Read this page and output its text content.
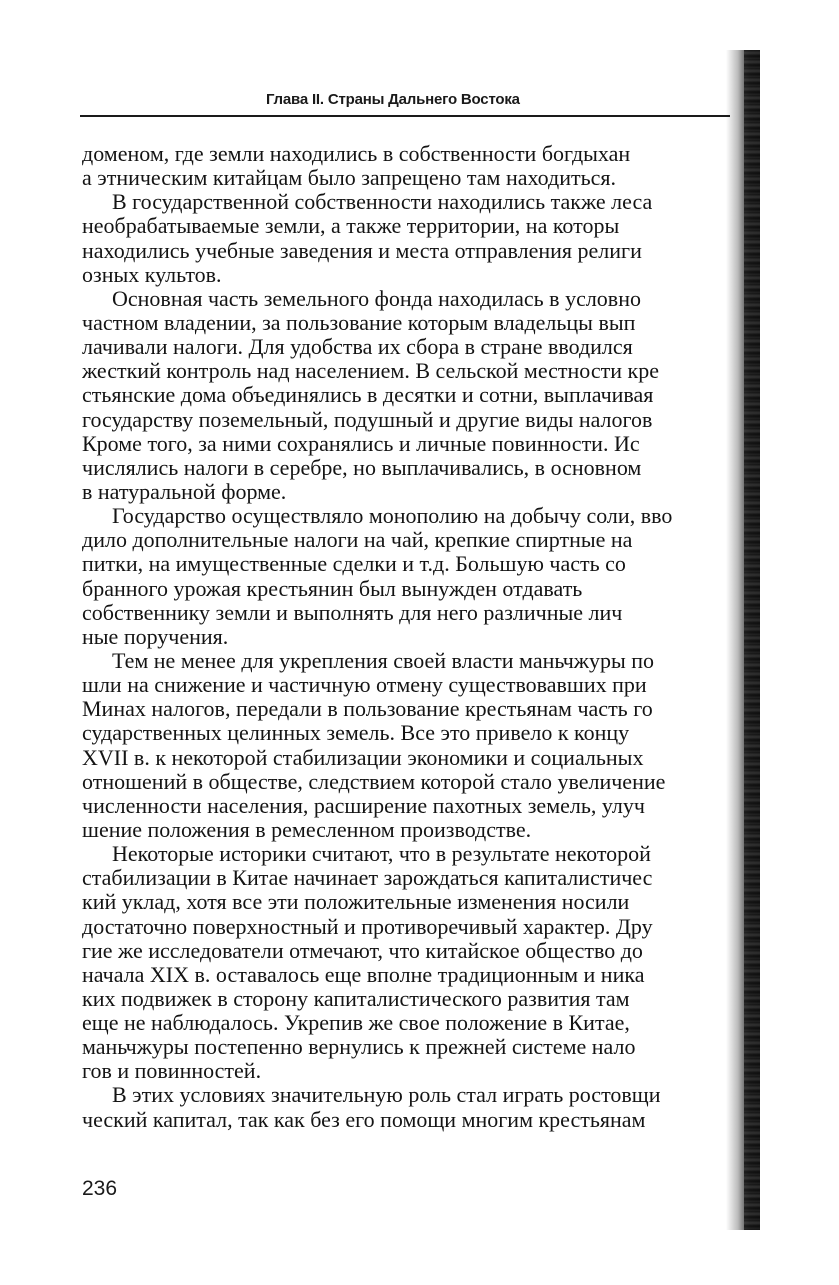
Глава II. Страны Дальнего Востока
доменом, где земли находились в собственности богдыхан
а этническим китайцам было запрещено там находиться.
В государственной собственности находились также леса
необрабатываемые земли, а также территории, на которы
находились учебные заведения и места отправления религи
озных культов.
Основная часть земельного фонда находилась в условно
частном владении, за пользование которым владельцы вып
лачивали налоги. Для удобства их сбора в стране вводился
жесткий контроль над населением. В сельской местности кре
стьянские дома объединялись в десятки и сотни, выплачивая
государству поземельный, подушный и другие виды налогов
Кроме того, за ними сохранялись и личные повинности. Ис
числялись налоги в серебре, но выплачивались, в основном
в натуральной форме.
Государство осуществляло монополию на добычу соли, вво
дило дополнительные налоги на чай, крепкие спиртные на
питки, на имущественные сделки и т.д. Большую часть со
бранного урожая крестьянин был вынужден отдавать
собственнику земли и выполнять для него различные лич
ные поручения.
Тем не менее для укрепления своей власти маньчжуры по
шли на снижение и частичную отмену существовавших при
Минах налогов, передали в пользование крестьянам часть го
сударственных целинных земель. Все это привело к концу
XVII в. к некоторой стабилизации экономики и социальных
отношений в обществе, следствием которой стало увеличение
численности населения, расширение пахотных земель, улуч
шение положения в ремесленном производстве.
Некоторые историки считают, что в результате некоторой
стабилизации в Китае начинает зарождаться капиталистичес
кий уклад, хотя все эти положительные изменения носили
достаточно поверхностный и противоречивый характер. Дру
гие же исследователи отмечают, что китайское общество до
начала XIX в. оставалось еще вполне традиционным и ника
ких подвижек в сторону капиталистического развития там
еще не наблюдалось. Укрепив же свое положение в Китае,
маньчжуры постепенно вернулись к прежней системе нало
гов и повинностей.
В этих условиях значительную роль стал играть ростовщи
ческий капитал, так как без его помощи многим крестьянам
236
